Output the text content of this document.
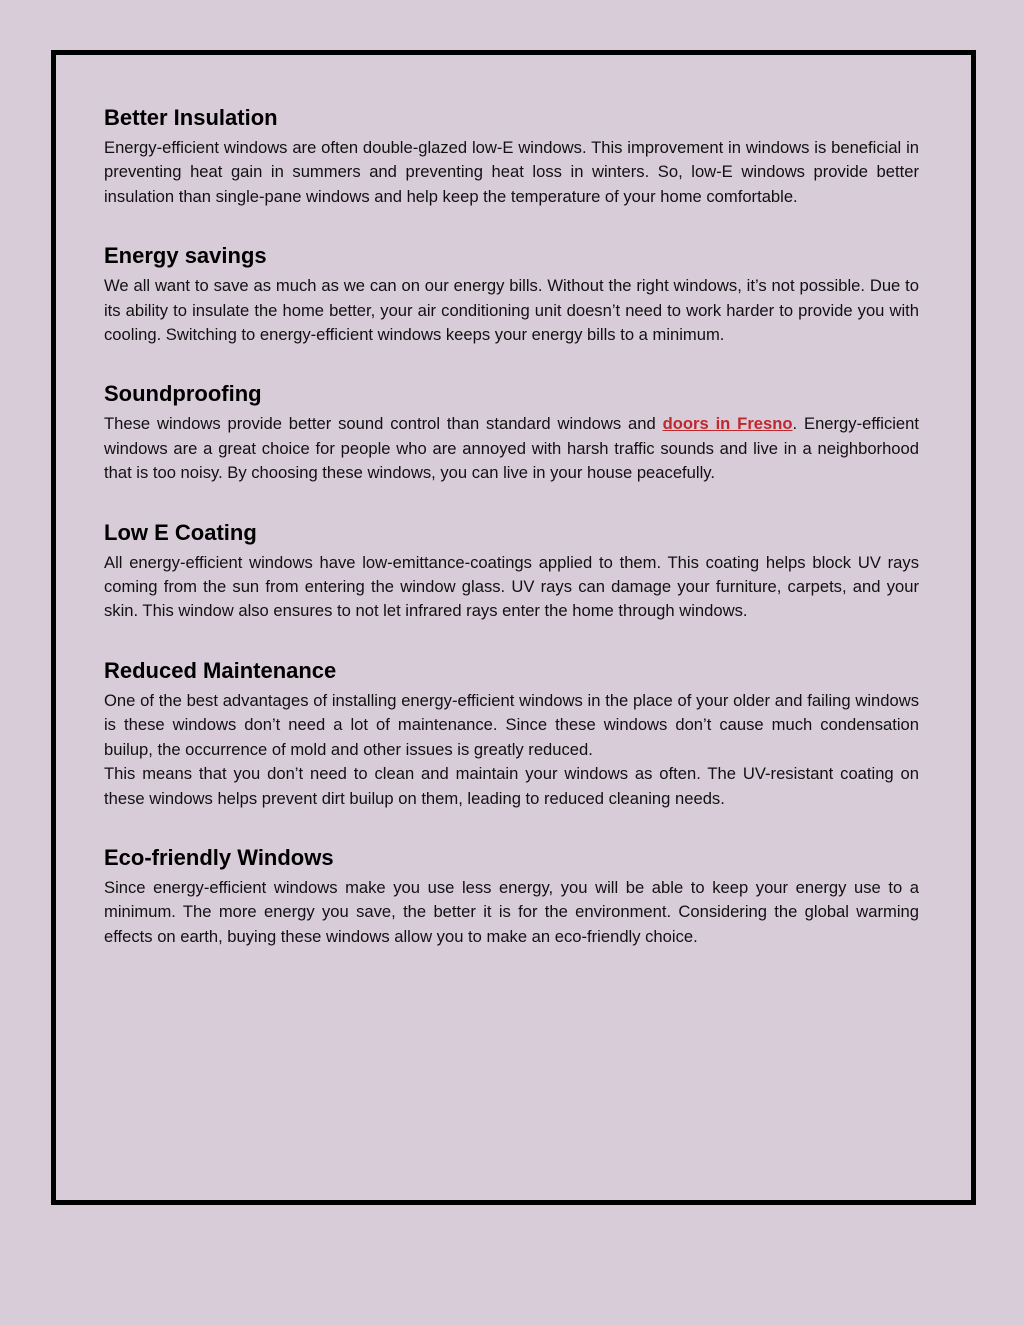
Better Insulation

Energy-efficient windows are often double-glazed low-E windows. This improvement in windows is beneficial in preventing heat gain in summers and preventing heat loss in winters. So, low-E windows provide better insulation than single-pane windows and help keep the temperature of your home comfortable.

Energy savings

We all want to save as much as we can on our energy bills. Without the right windows, it’s not possible. Due to its ability to insulate the home better, your air conditioning unit doesn’t need to work harder to provide you with cooling. Switching to energy-efficient windows keeps your energy bills to a minimum.

Soundproofing

These windows provide better sound control than standard windows and doors in Fresno. Energy-efficient windows are a great choice for people who are annoyed with harsh traffic sounds and live in a neighborhood that is too noisy. By choosing these windows, you can live in your house peacefully.

Low E Coating

All energy-efficient windows have low-emittance-coatings applied to them. This coating helps block UV rays coming from the sun from entering the window glass. UV rays can damage your furniture, carpets, and your skin. This window also ensures to not let infrared rays enter the home through windows.

Reduced Maintenance

One of the best advantages of installing energy-efficient windows in the place of your older and failing windows is these windows don’t need a lot of maintenance. Since these windows don’t cause much condensation builup, the occurrence of mold and other issues is greatly reduced.

This means that you don’t need to clean and maintain your windows as often. The UV-resistant coating on these windows helps prevent dirt builup on them, leading to reduced cleaning needs.

Eco-friendly Windows

Since energy-efficient windows make you use less energy, you will be able to keep your energy use to a minimum. The more energy you save, the better it is for the environment. Considering the global warming effects on earth, buying these windows allow you to make an eco-friendly choice.
